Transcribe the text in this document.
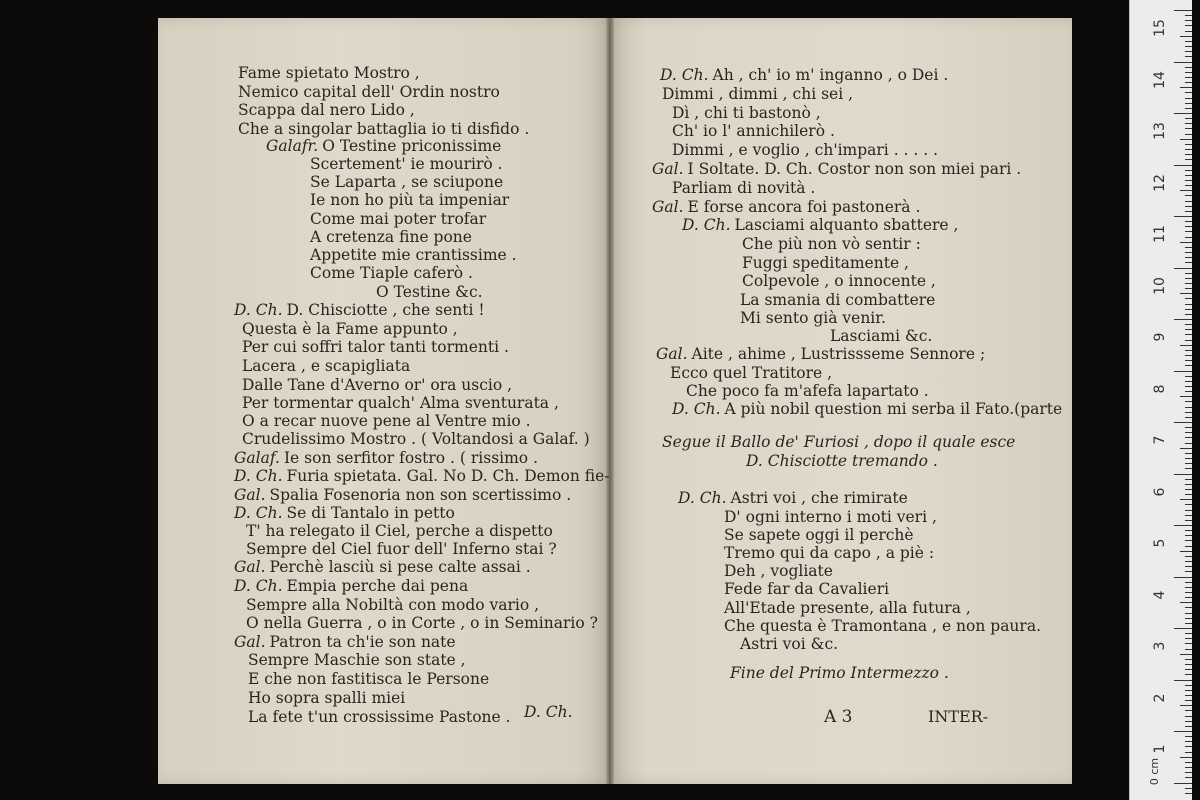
Fame spietato Mostro ,
Nemico capital dell' Ordin nostro
Scappa dal nero Lido ,
Che a singolar battaglia io ti disfido .
Galafr. O Testine priconissime
Scertement' ie mourirò .
Se Laparta , se sciupone
Ie non ho più ta impeniar
Come mai poter trofar
A cretenza fine pone
Appetite mie crantissime .
Come Tiaple caferò .
O Testine &c.
D. Ch. D. Chisciotte , che senti !
Questa è la Fame appunto ,
Per cui soffri talor tanti tormenti .
Lacera , e scapigliata
Dalle Tane d'Averno or' ora uscio ,
Per tormentar qualch' Alma sventurata ,
O a recar nuove pene al Ventre mio .
Crudelissimo Mostro . ( Voltandosi a Galaf. )
Galaf. Ie son serfitor fostro . ( rissimo .
D. Ch. Furia spietata. Gal. No D. Ch. Demon fie-
Gal. Spalia Fosenoria non son scertissimo .
D. Ch. Se di Tantalo in petto
T' ha relegato il Ciel, perche a dispetto
Sempre del Ciel fuor dell' Inferno stai ?
Gal. Perchè lasciù si pese calte assai .
D. Ch. Empia perche dai pena
Sempre alla Nobiltà con modo vario ,
O nella Guerra , o in Corte , o in Seminario ?
Gal. Patron ta ch'ie son nate
Sempre Maschie son state ,
E che non fastitisca le Persone
Ho sopra spalli miei
La fete t'un crossissime Pastone .
D. Ch. Ah , ch' io m' inganno , o Dei .
Dimmi , dimmi , chi sei ,
Dì , chi ti bastonò ,
Ch' io l' annichilerò .
Dimmi , e voglio , ch'impari . . . . .
Gal. I Soltate. D. Ch. Costor non son miei pari .
Parliam di novità .
Gal. E forse ancora foi pastonerà .
D. Ch. Lasciami alquanto sbattere ,
Che più non vò sentir :
Fuggi speditamente ,
Colpevole , o innocente ,
La smania di combattere
Mi sento già venir.
Lasciami &c.
Gal. Aite , ahime , Lustrissseme Sennore ;
Ecco quel Tratitore ,
Che poco fa m'afefa lapartato .
D. Ch. A più nobil question mi serba il Fato.(parte
Segue il Ballo de' Furiosi , dopo il quale esce
D. Chisciotte tremando .
D. Ch. Astri voi , che rimirate
D' ogni interno i moti veri ,
Se sapete oggi il perchè
Tremo qui da capo , a piè :
Deh , vogliate
Fede far da Cavalieri
All'Etade presente, alla futura ,
Che questa è Tramontana , e non paura.
Astri voi &c.
Fine del Primo Intermezzo .
D. Ch.	A 3	INTER-
0 cm
15
14
13
12
11
10
9
8
7
6
5
4
3
2
1
